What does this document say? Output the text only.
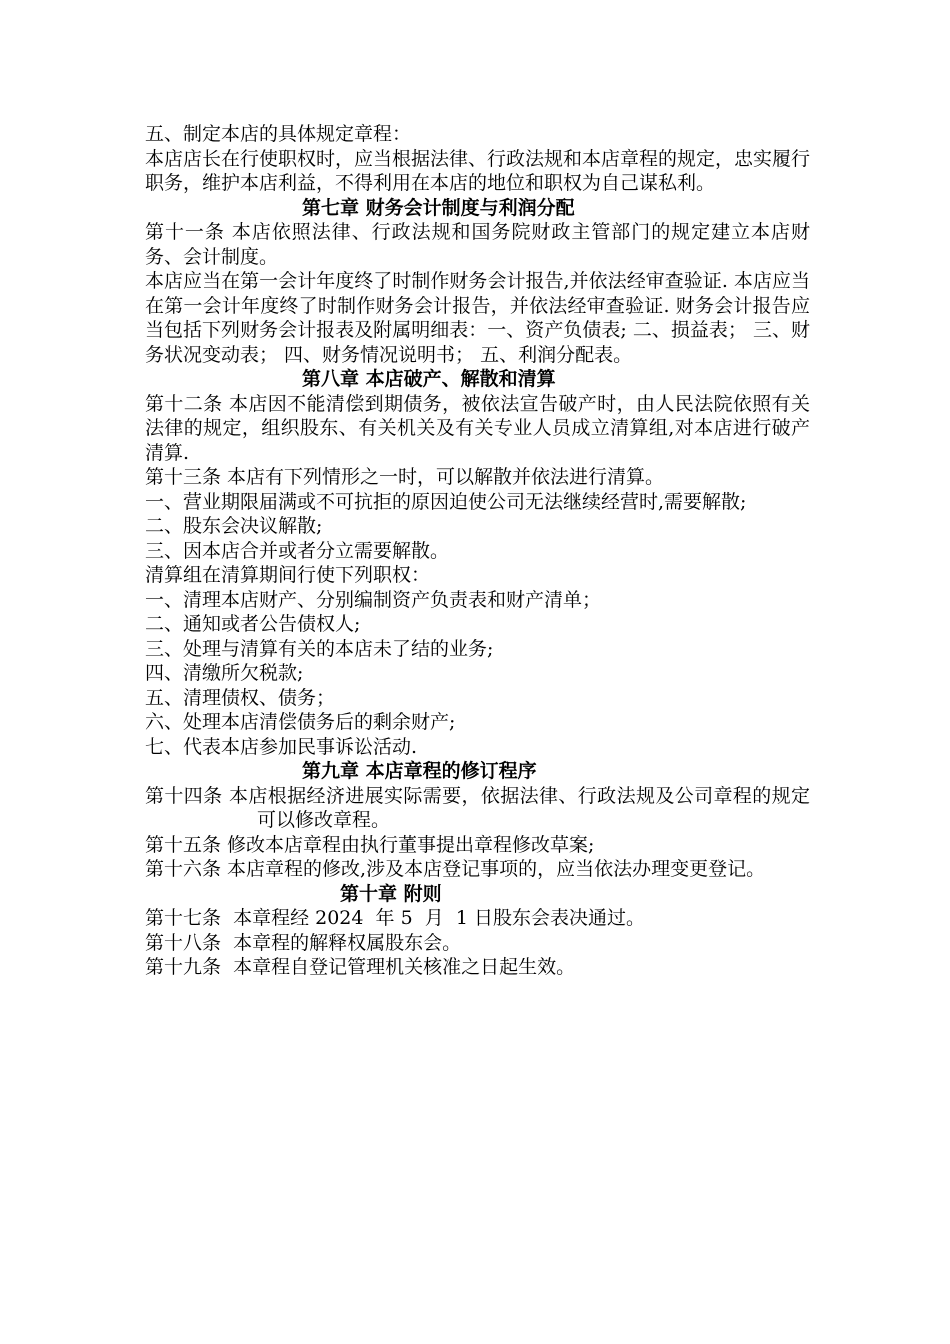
五、制定本店的具体规定章程：
本店店长在行使职权时，应当根据法律、行政法规和本店章程的规定，忠实履行职务，维护本店利益，不得利用在本店的地位和职权为自己谋私利。
第七章 财务会计制度与利润分配
第十一条 本店依照法律、行政法规和国务院财政主管部门的规定建立本店财务、会计制度。
本店应当在第一会计年度终了时制作财务会计报告,并依法经审查验证. 本店应当在第一会计年度终了时制作财务会计报告，并依法经审查验证. 财务会计报告应当包括下列财务会计报表及附属明细表：一、资产负债表; 二、损益表； 三、财务状况变动表； 四、财务情况说明书； 五、利润分配表。
第八章 本店破产、解散和清算
第十二条 本店因不能清偿到期债务，被依法宣告破产时，由人民法院依照有关法律的规定，组织股东、有关机关及有关专业人员成立清算组,对本店进行破产清算.
第十三条 本店有下列情形之一时，可以解散并依法进行清算。
一、营业期限届满或不可抗拒的原因迫使公司无法继续经营时,需要解散;
二、股东会决议解散;
三、因本店合并或者分立需要解散。
清算组在清算期间行使下列职权：
一、清理本店财产、分别编制资产负责表和财产清单；
二、通知或者公告债权人;
三、处理与清算有关的本店未了结的业务;
四、清缴所欠税款;
五、清理债权、债务；
六、处理本店清偿债务后的剩余财产;
七、代表本店参加民事诉讼活动.
第九章 本店章程的修订程序
第十四条 本店根据经济进展实际需要，依据法律、行政法规及公司章程的规定可以修改章程。
第十五条 修改本店章程由执行董事提出章程修改草案;
第十六条 本店章程的修改,涉及本店登记事项的，应当依法办理变更登记。
第十章 附则
第十七条  本章程经 2024  年 5  月  1 日股东会表决通过。
第十八条  本章程的解释权属股东会。
第十九条  本章程自登记管理机关核准之日起生效。
